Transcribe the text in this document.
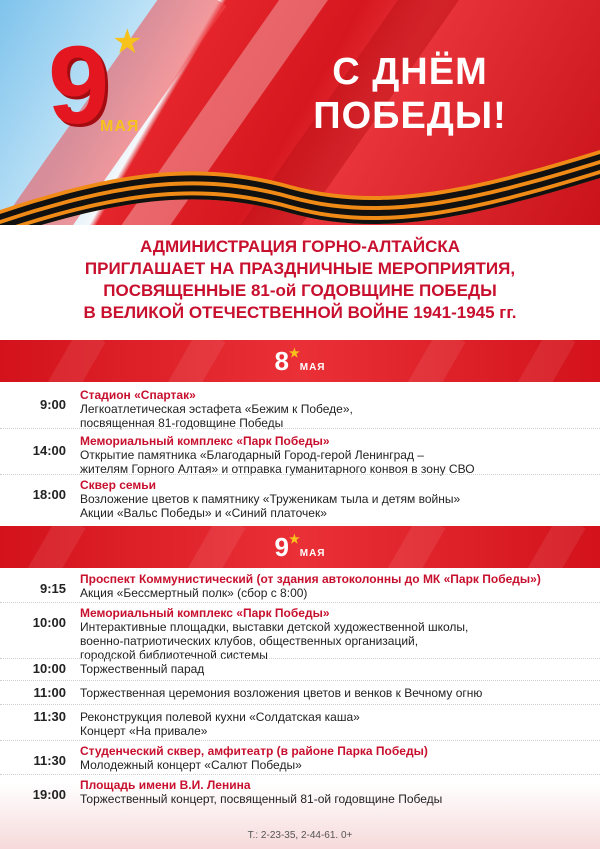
9 ★
МАЯ
С ДНЁМ
ПОБЕДЫ!
АДМИНИСТРАЦИЯ ГОРНО-АЛТАЙСКА
ПРИГЛАШАЕТ НА ПРАЗДНИЧНЫЕ МЕРОПРИЯТИЯ,
ПОСВЯЩЕННЫЕ 81-ой ГОДОВЩИНЕ ПОБЕДЫ
В ВЕЛИКОЙ ОТЕЧЕСТВЕННОЙ ВОЙНЕ 1941-1945 гг.
8★МАЯ
9:00
Стадион «Спартак»
Легкоатлетическая эстафета «Бежим к Победе»,
посвященная 81-годовщине Победы
14:00
Мемориальный комплекс «Парк Победы»
Открытие памятника «Благодарный Город-герой Ленинград –
жителям Горного Алтая» и отправка гуманитарного конвоя в зону СВО
18:00
Сквер семьи
Возложение цветов к памятнику «Труженикам тыла и детям войны»
Акции «Вальс Победы» и «Синий платочек»
9★МАЯ
9:15
Проспект Коммунистический (от здания автоколонны до МК «Парк Победы»)
Акция «Бессмертный полк» (сбор с 8:00)
10:00
Мемориальный комплекс «Парк Победы»
Интерактивные площадки, выставки детской художественной школы,
военно-патриотических клубов, общественных организаций,
городской библиотечной системы
10:00 Торжественный парад
11:00 Торжественная церемония возложения цветов и венков к Вечному огню
11:30 Реконструкция полевой кухни «Солдатская каша»
Концерт «На привале»
11:30
Студенческий сквер, амфитеатр (в районе Парка Победы)
Молодежный концерт «Салют Победы»
19:00
Площадь имени В.И. Ленина
Торжественный концерт, посвященный 81-ой годовщине Победы
Т.: 2-23-35, 2-44-61. 0+
